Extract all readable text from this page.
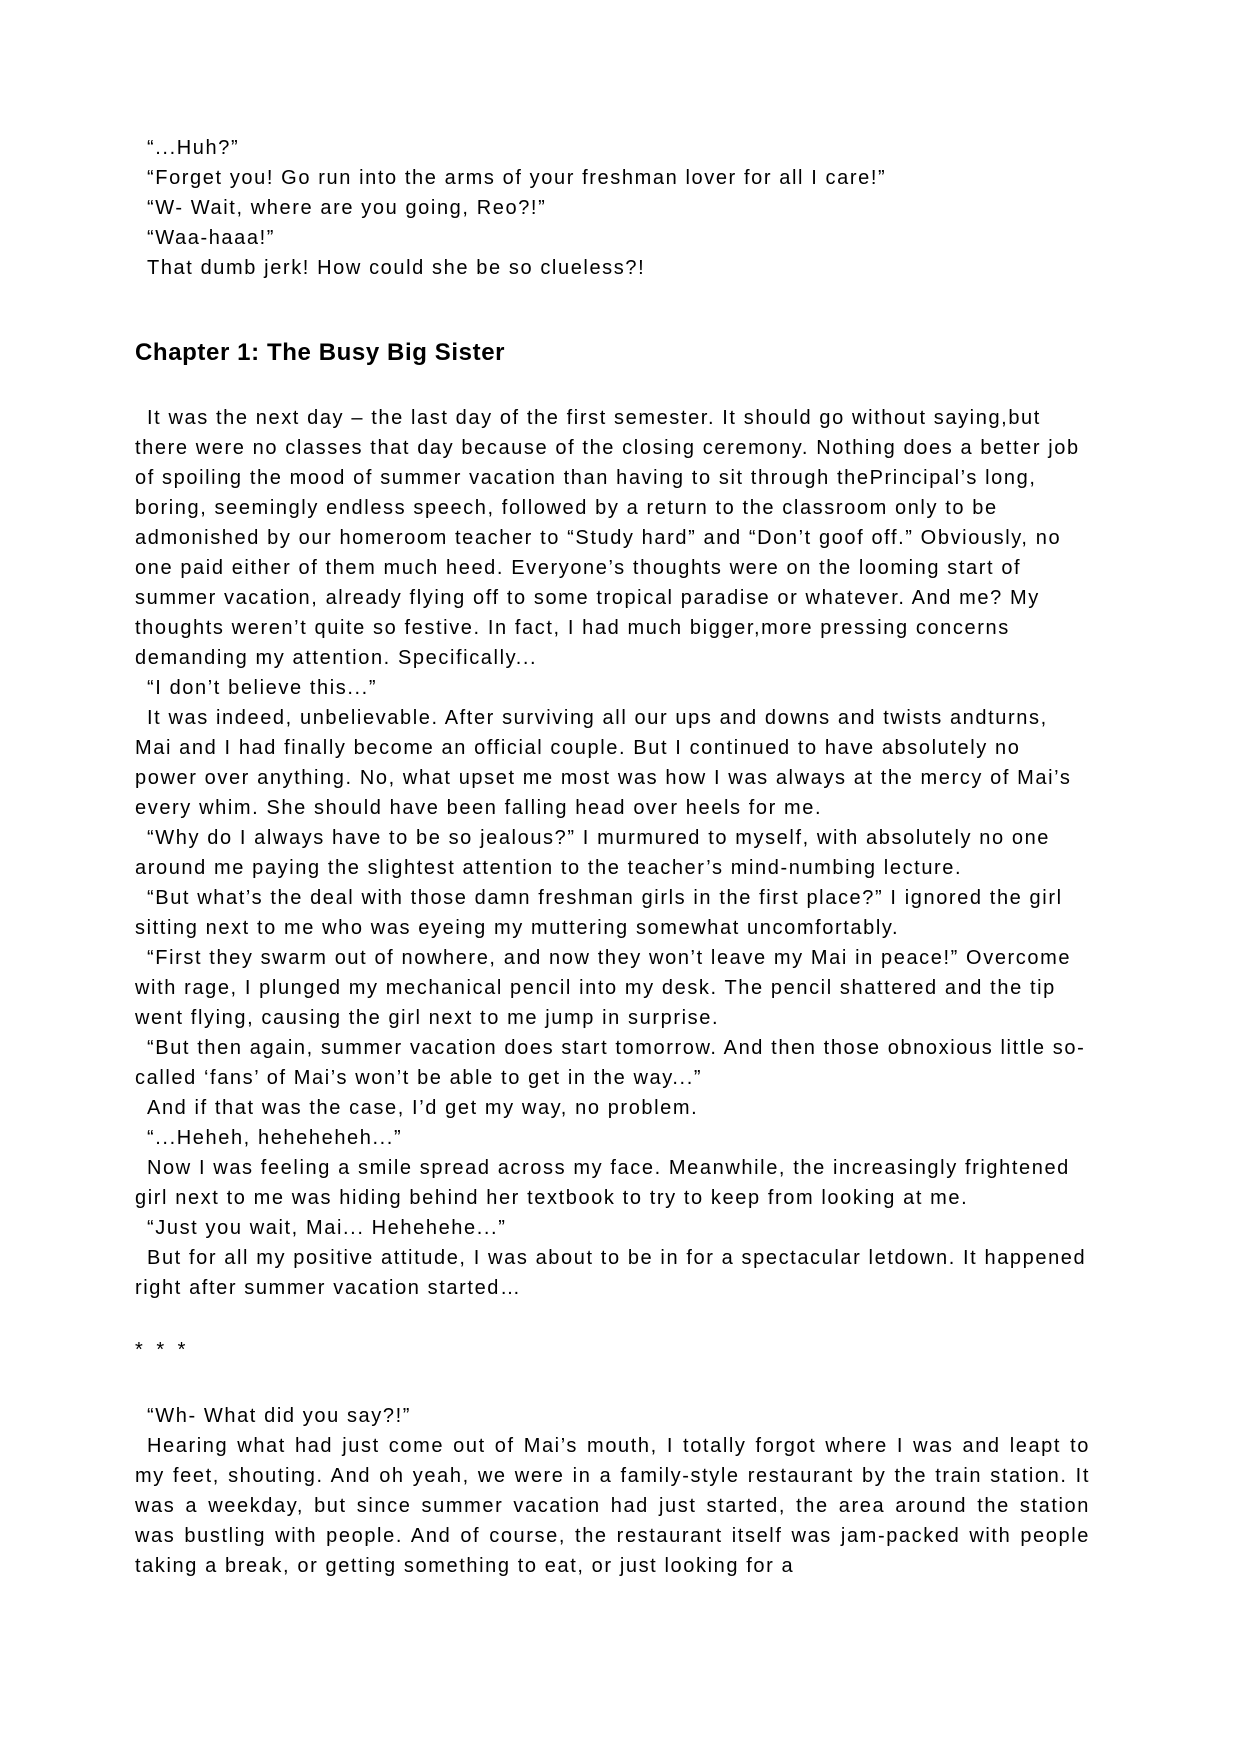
“...Huh?”

“Forget you! Go run into the arms of your freshman lover for all I care!”

“W- Wait, where are you going, Reo?!”

“Waa-haaa!”

That dumb jerk! How could she be so clueless?!

Chapter 1: The Busy Big Sister

It was the next day – the last day of the first semester. It should go without saying,but there were no classes that day because of the closing ceremony. Nothing does a better job of spoiling the mood of summer vacation than having to sit through thePrincipal’s long, boring, seemingly endless speech, followed by a return to the classroom only to be admonished by our homeroom teacher to “Study hard” and “Don’t goof off.” Obviously, no one paid either of them much heed. Everyone’s thoughts were on the looming start of summer vacation, already flying off to some tropical paradise or whatever. And me? My thoughts weren’t quite so festive. In fact, I had much bigger,more pressing concerns demanding my attention. Specifically...

“I don’t believe this...”

It was indeed, unbelievable. After surviving all our ups and downs and twists andturns, Mai and I had finally become an official couple. But I continued to have absolutely no power over anything. No, what upset me most was how I was always at the mercy of Mai’s every whim. She should have been falling head over heels for me.

“Why do I always have to be so jealous?” I murmured to myself, with absolutely no one around me paying the slightest attention to the teacher’s mind-numbing lecture.

“But what’s the deal with those damn freshman girls in the first place?” I ignored the girl sitting next to me who was eyeing my muttering somewhat uncomfortably.

“First they swarm out of nowhere, and now they won’t leave my Mai in peace!” Overcome with rage, I plunged my mechanical pencil into my desk. The pencil shattered and the tip went flying, causing the girl next to me jump in surprise.

“But then again, summer vacation does start tomorrow. And then those obnoxious little so-called ‘fans’ of Mai’s won’t be able to get in the way...”

And if that was the case, I’d get my way, no problem.

“...Heheh, heheheheh...”

Now I was feeling a smile spread across my face. Meanwhile, the increasingly frightened girl next to me was hiding behind her textbook to try to keep from looking at me.

“Just you wait, Mai... Hehehehe...”

But for all my positive attitude, I was about to be in for a spectacular letdown. It happened right after summer vacation started…

* * *

“Wh- What did you say?!”

Hearing what had just come out of Mai’s mouth, I totally forgot where I was and leapt to my feet, shouting. And oh yeah, we were in a family-style restaurant by the train station. It was a weekday, but since summer vacation had just started, the area around the station was bustling with people. And of course, the restaurant itself was jam-packed with people taking a break, or getting something to eat, or just looking for a
